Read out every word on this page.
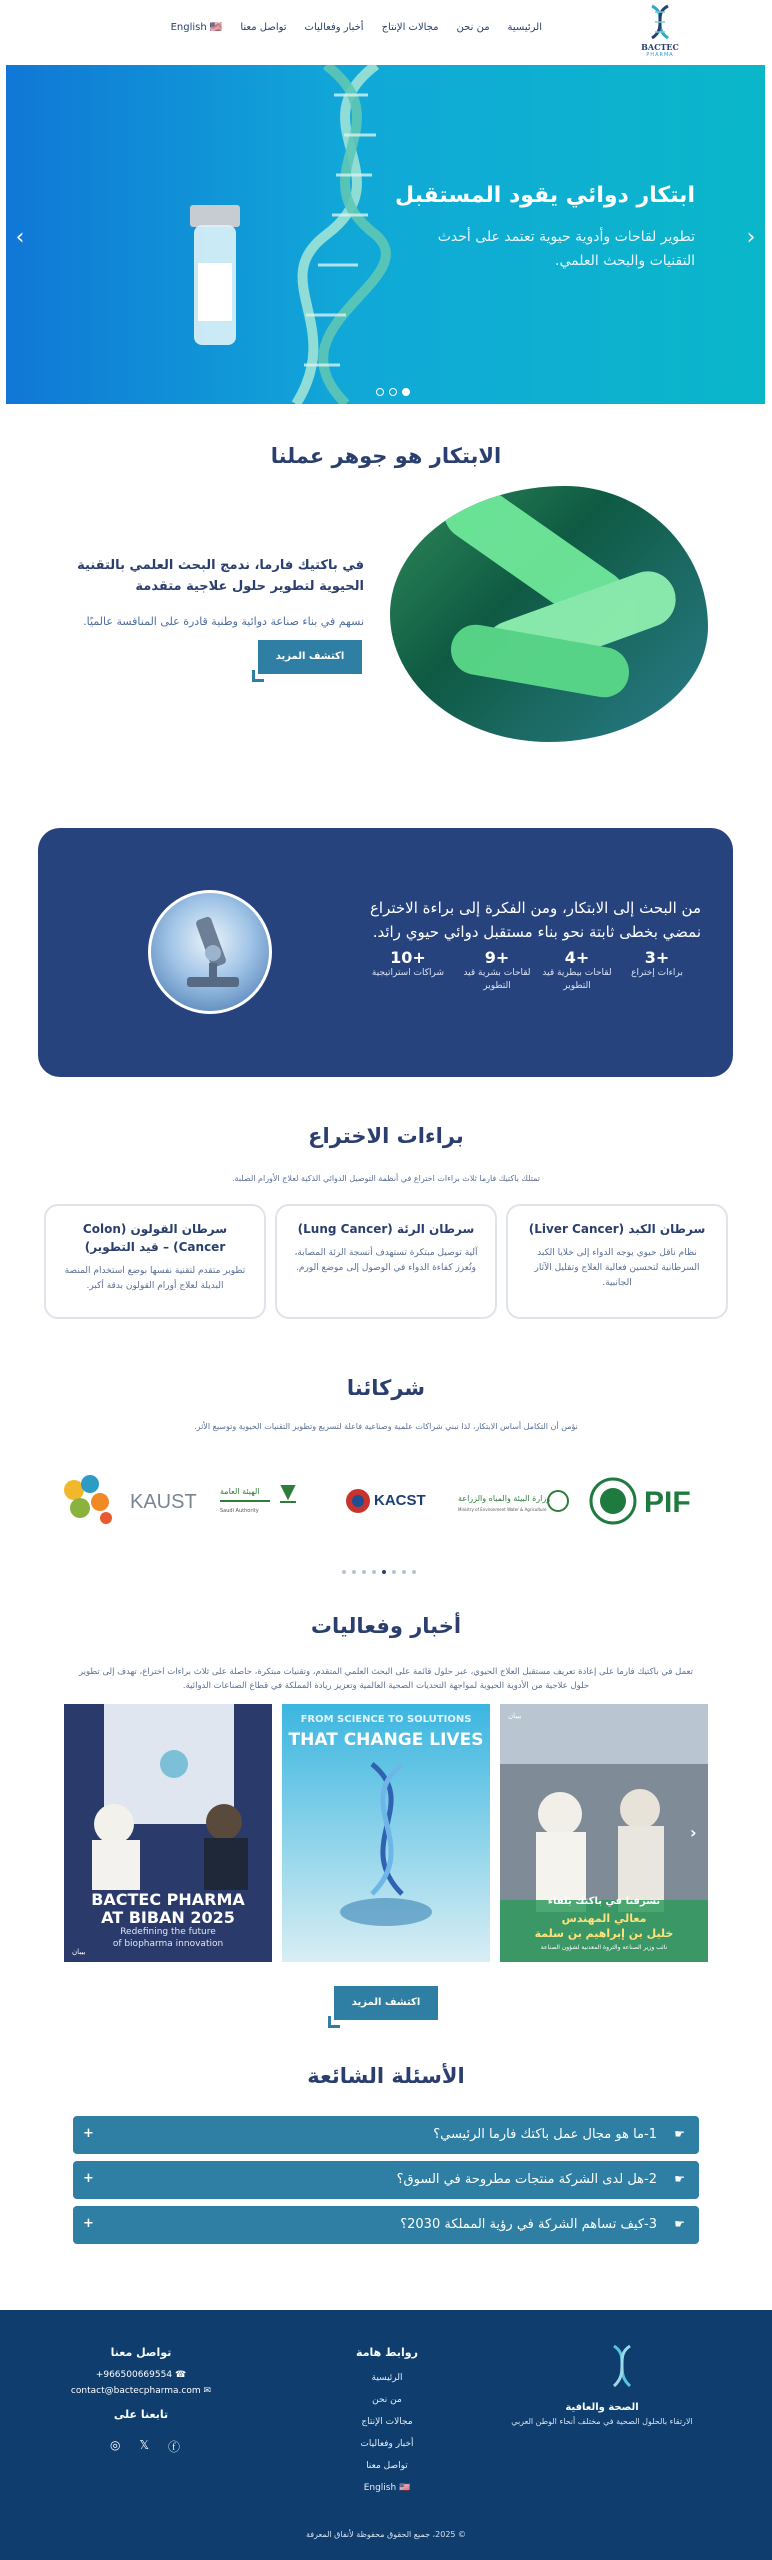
BACTEC
PHARMA
الرئيسية
من نحن
مجالات الإنتاج
أخبار وفعاليات
تواصل معنا
English 🇺🇸
ابتكار دوائي يقود المستقبل
تطوير لقاحات وأدوية حيوية تعتمد على أحدث التقنيات والبحث العلمي.
‹	›
الابتكار هو جوهر عملنا
في باكتيك فارما، ندمج البحث العلمي بالتقنية الحيوية لتطوير حلول علاجية متقدمة
نسهم في بناء صناعة دوائية وطنية قادرة على المنافسة عالميًا.
اكتشف المزيد
من البحث إلى الابتكار، ومن الفكرة إلى براءة الاختراع نمضي بخطى ثابتة نحو بناء مستقبل دوائي حيوي رائد.
3+
براءات إختراع
4+
لقاحات بيطرية قيد التطوير
9+
لقاحات بشرية قيد التطوير
10+
شراكات استراتيجية
براءات الاختراع
تمتلك باكتيك فارما ثلاث براءات اختراع في أنظمة التوصيل الدوائي الذكية لعلاج الأورام الصلبة.
سرطان الكبد (Liver Cancer)
نظام ناقل حيوي يوجه الدواء إلى خلايا الكبد السرطانية لتحسين فعالية العلاج وتقليل الآثار الجانبية.
سرطان الرئة (Lung Cancer)
آلية توصيل مبتكرة تستهدف أنسجة الرئة المصابة، وتُعزز كفاءة الدواء في الوصول إلى موضع الورم.
سرطان القولون (Colon Cancer) – قيد التطوير)
تطوير متقدم لتقنية نفسها بوضع استخدام المنصة البديلة لعلاج أورام القولون بدقة أكبر.
شركائنا
نؤمن أن التكامل أساس الابتكار، لذا نبني شراكات علمية وصناعية فاعلة لتسريع وتطوير التقنيات الحيوية وتوسيع الأثر.
KAUST	الهيئة العامة
Saudi Authority
KACST	وزارة البيئة والمياه والزراعة
Ministry of Environment Water & Agriculture	PIF
أخبار وفعاليات
تعمل في باكتيك فارما على إعادة تعريف مستقبل العلاج الحيوي، عبر حلول قائمة على البحث العلمي المتقدم، وتقنيات مبتكرة، حاصلة على ثلاث براءات اختراع، تهدف إلى تطوير حلول علاجية من الأدوية الحيوية لمواجهة التحديات الصحية العالمية وتعزيز ريادة المملكة في قطاع الصناعات الدوائية.
تشرفنا في باكتك بلقاء
معالي المهندس
خليل بن إبراهيم بن سلمة
نائب وزير الصناعة والثروة المعدنية لشؤون الصناعة
بيبان
FROM SCIENCE TO SOLUTIONS
THAT CHANGE LIVES
BACTEC PHARMA
AT BIBAN 2025
Redefining the future
of biopharma innovation
بيبان
›
اكتشف المزيد
الأسئلة الشائعة
☛
1-ما هو مجال عمل باكتك فارما الرئيسي؟
+
☛
2-هل لدى الشركة منتجات مطروحة في السوق؟
+
☛
3-كيف تساهم الشركة في رؤية المملكة 2030؟
+
الصحة والعافية
الارتقاء بالحلول الصحية في مختلف أنحاء الوطن العربي
روابط هامة
الرئيسية
من نحن
مجالات الإنتاج
أخبار وفعاليات
تواصل معنا
English 🇺🇸
تواصل معنا
+966500669554 ☎
contact@bactecpharma.com ✉
تابعنا على
◎ 𝕏 ⓕ
© 2025، جميع الحقوق محفوظة لأنفاق المعرفة
